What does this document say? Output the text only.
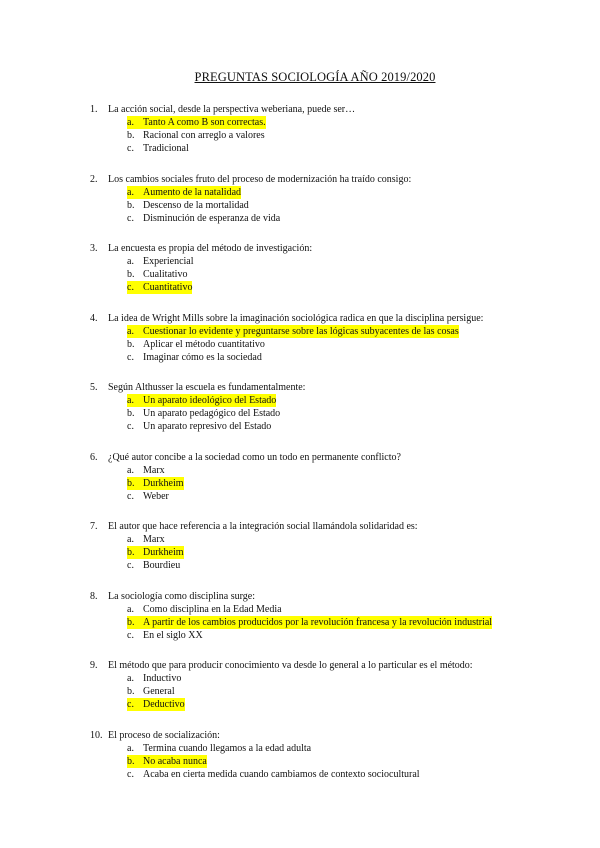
PREGUNTAS SOCIOLOGÍA AÑO 2019/2020
1.	La acción social, desde la perspectiva weberiana, puede ser…
a. Tanto A como B son correctas.
b. Racional con arreglo a valores
c. Tradicional
2.	Los cambios sociales fruto del proceso de modernización ha traído consigo:
a. Aumento de la natalidad
b. Descenso de la mortalidad
c. Disminución de esperanza de vida
3.	La encuesta es propia del método de investigación:
a. Experiencial
b. Cualitativo
c. Cuantitativo
4.	La idea de Wright Mills sobre la imaginación sociológica radica en que la disciplina persigue:
a. Cuestionar lo evidente y preguntarse sobre las lógicas subyacentes de las cosas
b. Aplicar el método cuantitativo
c. Imaginar cómo es la sociedad
5.	Según Althusser la escuela es fundamentalmente:
a. Un aparato ideológico del Estado
b. Un aparato pedagógico del Estado
c. Un aparato represivo del Estado
6.	¿Qué autor concibe a la sociedad como un todo en permanente conflicto?
a. Marx
b. Durkheim
c. Weber
7.	El autor que hace referencia a la integración social llamándola solidaridad es:
a. Marx
b. Durkheim
c. Bourdieu
8.	La sociología como disciplina surge:
a. Como disciplina en la Edad Media
b. A partir de los cambios producidos por la revolución francesa y la revolución industrial
c. En el siglo XX
9.	El método que para producir conocimiento va desde lo general a lo particular es el método:
a. Inductivo
b. General
c. Deductivo
10. El proceso de socialización:
a. Termina cuando llegamos a la edad adulta
b. No acaba nunca
c. Acaba en cierta medida cuando cambiamos de contexto sociocultural
